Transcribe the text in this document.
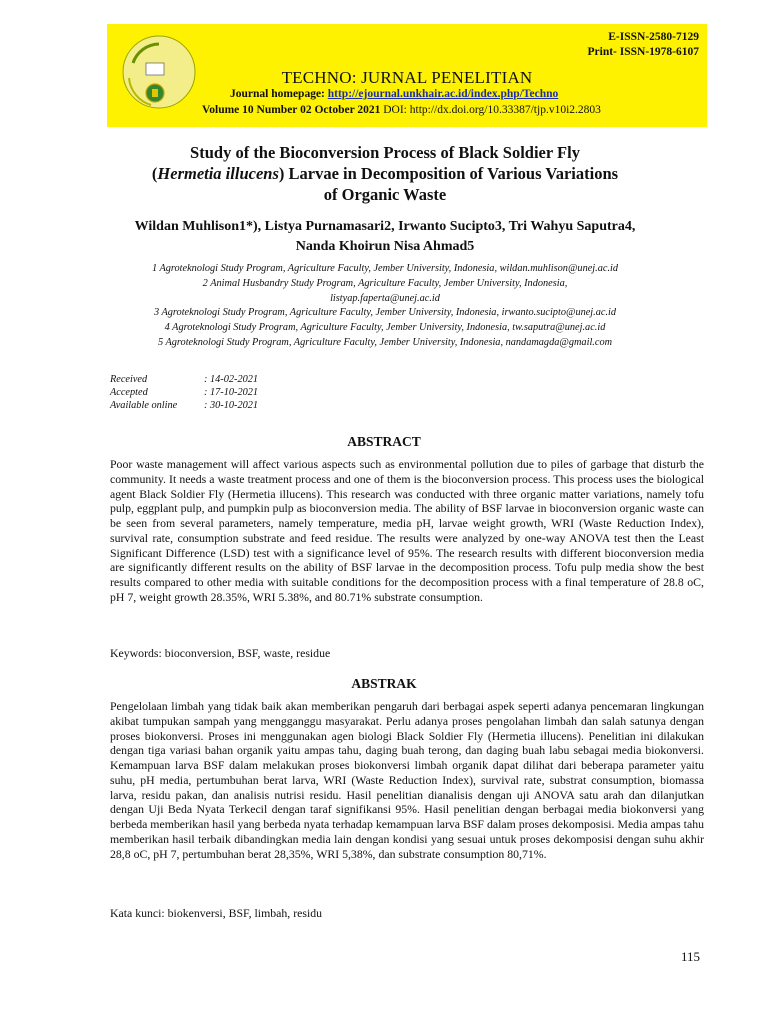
E-ISSN-2580-7129
Print- ISSN-1978-6107
TECHNO: JURNAL PENELITIAN
Journal homepage: http://ejournal.unkhair.ac.id/index.php/Techno
Volume 10 Number 02 October 2021 DOI: http://dx.doi.org/10.33387/tjp.v10i2.2803
Study of the Bioconversion Process of Black Soldier Fly
(Hermetia illucens) Larvae in Decomposition of Various Variations
of Organic Waste
Wildan Muhlison1*), Listya Purnamasari2, Irwanto Sucipto3, Tri Wahyu Saputra4,
Nanda Khoirun Nisa Ahmad5
1 Agroteknologi Study Program, Agriculture Faculty, Jember University, Indonesia, wildan.muhlison@unej.ac.id
2 Animal Husbandry Study Program, Agriculture Faculty, Jember University, Indonesia,
listyap.faperta@unej.ac.id
3 Agroteknologi Study Program, Agriculture Faculty, Jember University, Indonesia, irwanto.sucipto@unej.ac.id
4 Agroteknologi Study Program, Agriculture Faculty, Jember University, Indonesia, tw.saputra@unej.ac.id
5 Agroteknologi Study Program, Agriculture Faculty, Jember University, Indonesia, nandamagda@gmail.com
Received	: 14-02-2021
Accepted	: 17-10-2021
Available online	: 30-10-2021
ABSTRACT
Poor waste management will affect various aspects such as environmental pollution due to piles of garbage that disturb the community. It needs a waste treatment process and one of them is the bioconversion process. This process uses the biological agent Black Soldier Fly (Hermetia illucens). This research was conducted with three organic matter variations, namely tofu pulp, eggplant pulp, and pumpkin pulp as bioconversion media. The ability of BSF larvae in bioconversion organic waste can be seen from several parameters, namely temperature, media pH, larvae weight growth, WRI (Waste Reduction Index), survival rate, consumption substrate and feed residue. The results were analyzed by one-way ANOVA test then the Least Significant Difference (LSD) test with a significance level of 95%. The research results with different bioconversion media are significantly different results on the ability of BSF larvae in the decomposition process. Tofu pulp media show the best results compared to other media with suitable conditions for the decomposition process with a final temperature of 28.8 oC, pH 7, weight growth 28.35%, WRI 5.38%, and 80.71% substrate consumption.
Keywords: bioconversion, BSF, waste, residue
ABSTRAK
Pengelolaan limbah yang tidak baik akan memberikan pengaruh dari berbagai aspek seperti adanya pencemaran lingkungan akibat tumpukan sampah yang mengganggu masyarakat. Perlu adanya proses pengolahan limbah dan salah satunya dengan proses biokonversi. Proses ini menggunakan agen biologi Black Soldier Fly (Hermetia illucens). Penelitian ini dilakukan dengan tiga variasi bahan organik yaitu ampas tahu, daging buah terong, dan daging buah labu sebagai media biokonversi. Kemampuan larva BSF dalam melakukan proses biokonversi limbah organik dapat dilihat dari beberapa parameter yaitu suhu, pH media, pertumbuhan berat larva, WRI (Waste Reduction Index), survival rate, substrat consumption, biomassa larva, residu pakan, dan analisis nutrisi residu. Hasil penelitian dianalisis dengan uji ANOVA satu arah dan dilanjutkan dengan Uji Beda Nyata Terkecil dengan taraf signifikansi 95%. Hasil penelitian dengan berbagai media biokonversi yang berbeda memberikan hasil yang berbeda nyata terhadap kemampuan larva BSF dalam proses dekomposisi. Media ampas tahu memberikan hasil terbaik dibandingkan media lain dengan kondisi yang sesuai untuk proses dekomposisi dengan suhu akhir 28,8 oC, pH 7, pertumbuhan berat 28,35%, WRI 5,38%, dan substrate consumption 80,71%.
Kata kunci: biokenversi, BSF, limbah, residu
115
